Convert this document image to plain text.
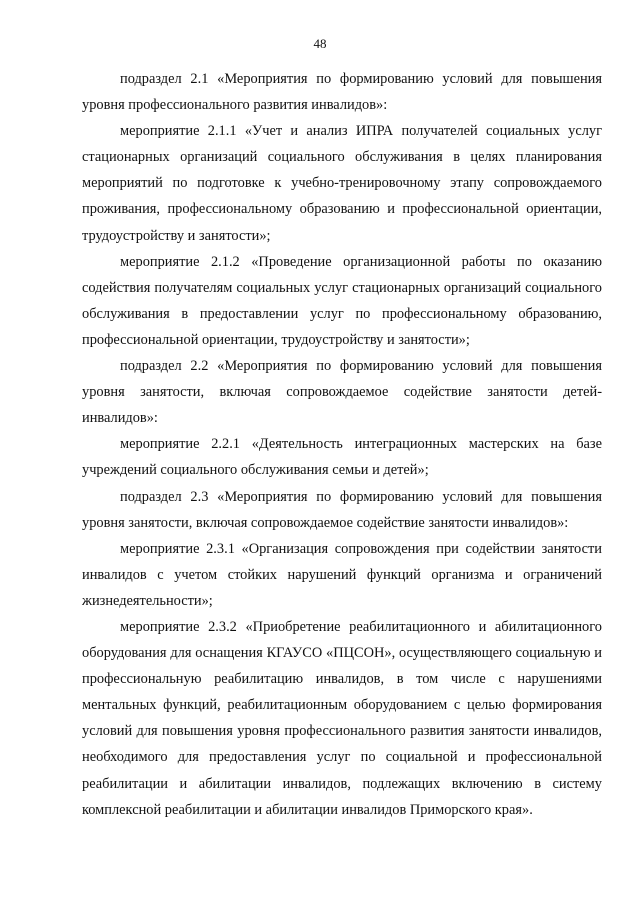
48

подраздел 2.1 «Мероприятия по формированию условий для повышения уровня профессионального развития инвалидов»:

мероприятие 2.1.1 «Учет и анализ ИПРА получателей социальных услуг стационарных организаций социального обслуживания в целях планирования мероприятий по подготовке к учебно-тренировочному этапу сопровождаемого проживания, профессиональному образованию и профессиональной ориентации, трудоустройству и занятости»;

мероприятие 2.1.2 «Проведение организационной работы по оказанию содействия получателям социальных услуг стационарных организаций социального обслуживания в предоставлении услуг по профессиональному образованию, профессиональной ориентации, трудоустройству и занятости»;

подраздел 2.2 «Мероприятия по формированию условий для повышения уровня занятости, включая сопровождаемое содействие занятости детей-инвалидов»:

мероприятие 2.2.1 «Деятельность интеграционных мастерских на базе учреждений социального обслуживания семьи и детей»;

подраздел 2.3 «Мероприятия по формированию условий для повышения уровня занятости, включая сопровождаемое содействие занятости инвалидов»:

мероприятие 2.3.1 «Организация сопровождения при содействии занятости инвалидов с учетом стойких нарушений функций организма и ограничений жизнедеятельности»;

мероприятие 2.3.2 «Приобретение реабилитационного и абилитационного оборудования для оснащения КГАУСО «ПЦСОН», осуществляющего социальную и профессиональную реабилитацию инвалидов, в том числе с нарушениями ментальных функций, реабилитационным оборудованием с целью формирования условий для повышения уровня профессионального развития занятости инвалидов, необходимого для предоставления услуг по социальной и профессиональной реабилитации и абилитации инвалидов, подлежащих включению в систему комплексной реабилитации и абилитации инвалидов Приморского края».
